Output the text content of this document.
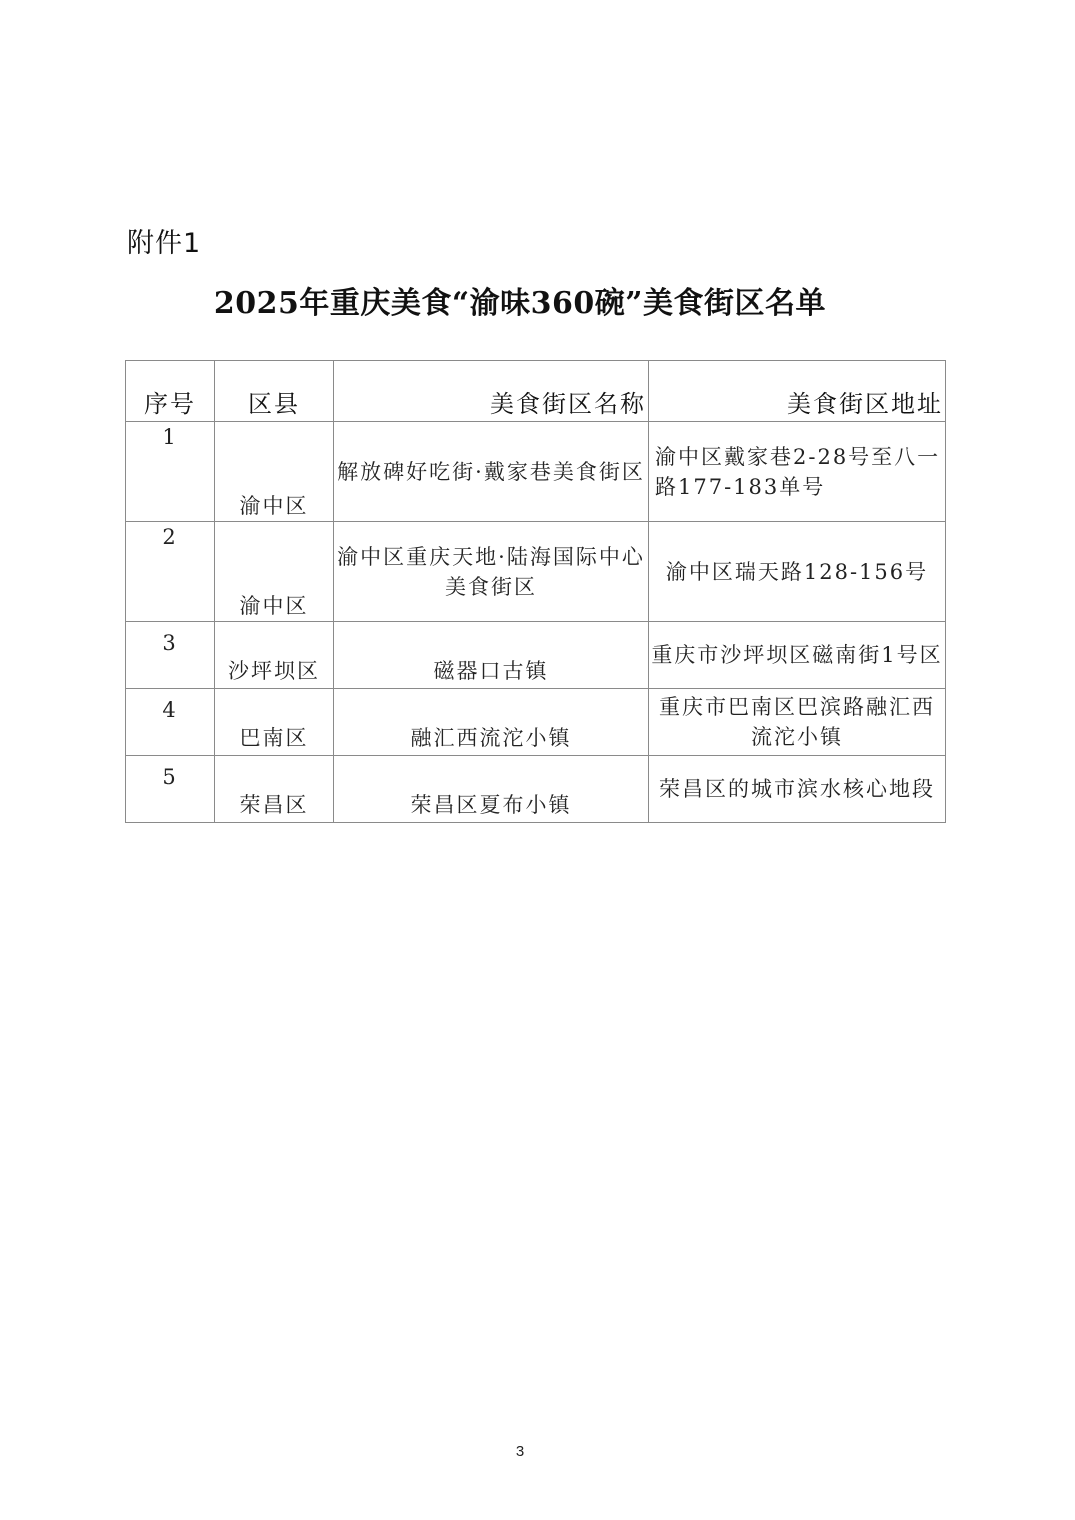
附件1
2025年重庆美食“渝味360碗”美食街区名单
序号	区县	美食街区名称	美食街区地址
1	渝中区	解放碑好吃街·戴家巷美食街区	渝中区戴家巷2-28号至八一路177-183单号
2	渝中区	渝中区重庆天地·陆海国际中心美食街区	渝中区瑞天路128-156号
3	沙坪坝区	磁器口古镇	重庆市沙坪坝区磁南街1号区
4	巴南区	融汇西流沱小镇	重庆市巴南区巴滨路融汇西流沱小镇
5	荣昌区	荣昌区夏布小镇	荣昌区的城市滨水核心地段
3
